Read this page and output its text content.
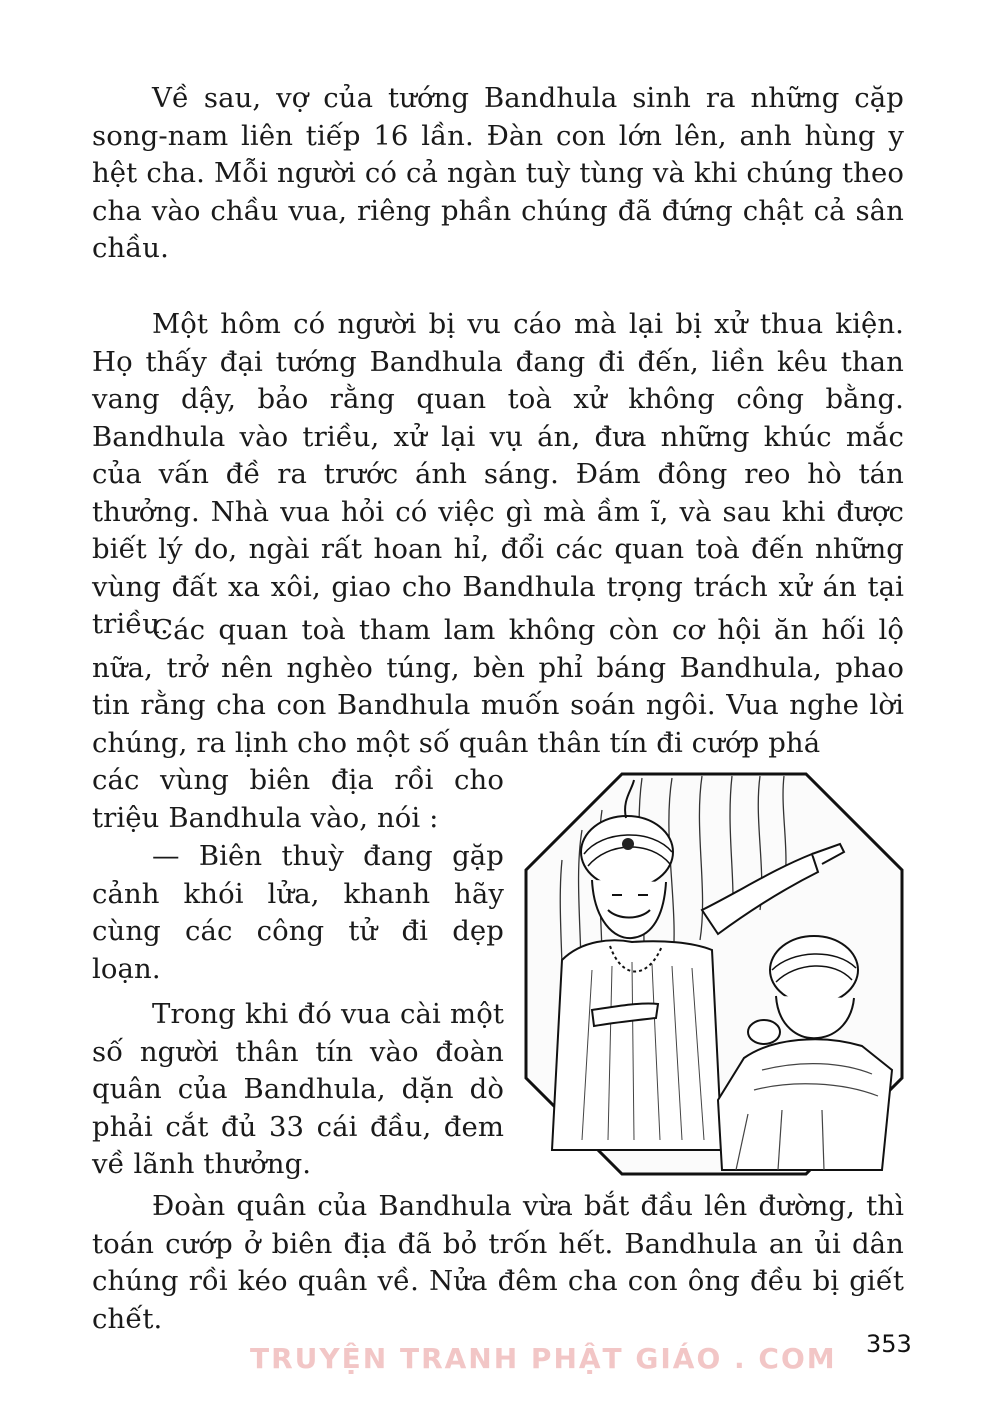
Về sau, vợ của tướng Bandhula sinh ra những cặp song-nam liên tiếp 16 lần. Đàn con lớn lên, anh hùng y hệt cha. Mỗi người có cả ngàn tuỳ tùng và khi chúng theo cha vào chầu vua, riêng phần chúng đã đứng chật cả sân chầu.

Một hôm có người bị vu cáo mà lại bị xử thua kiện. Họ thấy đại tướng Bandhula đang đi đến, liền kêu than vang dậy, bảo rằng quan toà xử không công bằng. Bandhula vào triều, xử lại vụ án, đưa những khúc mắc của vấn đề ra trước ánh sáng. Đám đông reo hò tán thưởng. Nhà vua hỏi có việc gì mà ầm ĩ, và sau khi được biết lý do, ngài rất hoan hỉ, đổi các quan toà đến những vùng đất xa xôi, giao cho Bandhula trọng trách xử án tại triều.

Các quan toà tham lam không còn cơ hội ăn hối lộ nữa, trở nên nghèo túng, bèn phỉ báng Bandhula, phao tin rằng cha con Bandhula muốn soán ngôi. Vua nghe lời chúng, ra lịnh cho một số quân thân tín đi cướp phá

các vùng biên địa rồi cho triệu Bandhula vào, nói :

— Biên thuỳ đang gặp cảnh khói lửa, khanh hãy cùng các công tử đi dẹp loạn.

Trong khi đó vua cài một số người thân tín vào đoàn quân của Bandhula, dặn dò phải cắt đủ 33 cái đầu, đem về lãnh thưởng.

Đoàn quân của Bandhula vừa bắt đầu lên đường, thì toán cướp ở biên địa đã bỏ trốn hết. Bandhula an ủi dân chúng rồi kéo quân về. Nửa đêm cha con ông đều bị giết chết.

353
TRUYỆN TRANH PHẬT GIÁO . COM
